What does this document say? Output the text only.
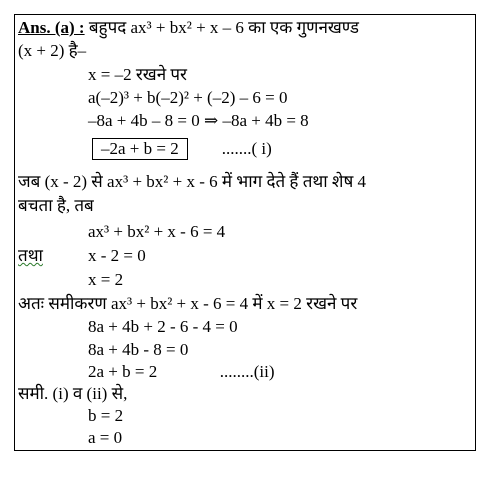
Ans. (a) : बहुपद ax³ + bx² + x – 6 का एक गुणनखण्ड
(x + 2) है–
x = –2 रखने पर
a(–2)³ + b(–2)² + (–2) – 6 = 0
–8a + 4b – 8 = 0 ⇒ –8a + 4b = 8
–2a + b = 2	.......( i)
जब (x - 2) से ax³ + bx² + x - 6 में भाग देते हैं तथा शेष 4
बचता है, तब
ax³ + bx² + x - 6 = 4
तथा	x - 2 = 0
x = 2
अतः समीकरण ax³ + bx² + x - 6 = 4 में x = 2 रखने पर
8a + 4b + 2 - 6 - 4 = 0
8a + 4b - 8 = 0
2a + b = 2	........(ii)
समी. (i) व (ii) से,
b = 2
a = 0
